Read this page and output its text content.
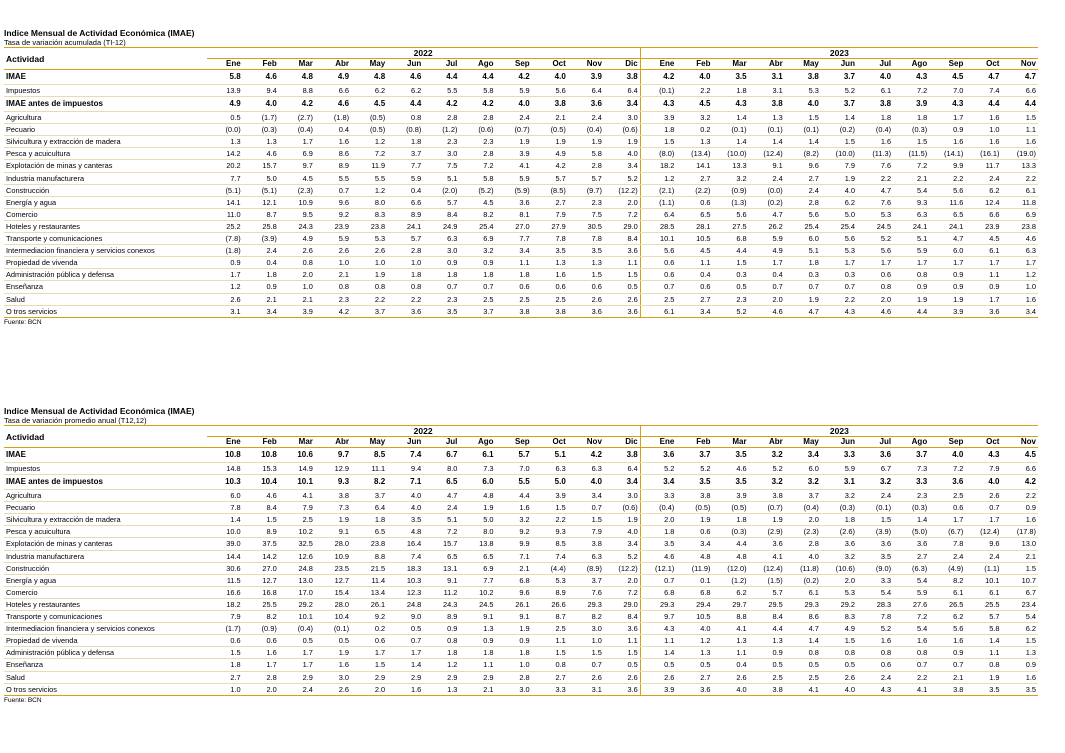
Indice Mensual de Actividad Económica (IMAE)
Tasa de variación acumulada (TI-12)
Actividad	2022												2023										
	Ene	Feb	Mar	Abr	May	Jun	Jul	Ago	Sep	Oct	Nov	Dic	Ene	Feb	Mar	Abr	May	Jun	Jul	Ago	Sep	Oct	Nov
IMAE	5.8	4.6	4.8	4.9	4.8	4.6	4.4	4.4	4.2	4.0	3.9	3.8	4.2	4.0	3.5	3.1	3.8	3.7	4.0	4.3	4.5	4.7	4.7
Impuestos	13.9	9.4	8.8	6.6	6.2	6.2	5.5	5.8	5.9	5.6	6.4	6.4	(0.1)	2.2	1.8	3.1	5.3	5.2	6.1	7.2	7.0	7.4	6.6
IMAE antes de impuestos	4.9	4.0	4.2	4.6	4.5	4.4	4.2	4.2	4.0	3.8	3.6	3.4	4.3	4.5	4.3	3.8	4.0	3.7	3.8	3.9	4.3	4.4	4.4
Agricultura	0.5	(1.7)	(2.7)	(1.8)	(0.5)	0.8	2.8	2.8	2.4	2.1	2.4	3.0	3.9	3.2	1.4	1.3	1.5	1.4	1.8	1.8	1.7	1.6	1.5
Pecuario	(0.0)	(0.3)	(0.4)	0.4	(0.5)	(0.8)	(1.2)	(0.6)	(0.7)	(0.5)	(0.4)	(0.6)	1.8	0.2	(0.1)	(0.1)	(0.1)	(0.2)	(0.4)	(0.3)	0.9	1.0	1.1
Silvicultura y extracción de madera	1.3	1.3	1.7	1.6	1.2	1.8	2.3	2.3	1.9	1.9	1.9	1.9	1.5	1.3	1.4	1.4	1.4	1.5	1.6	1.5	1.6	1.6	1.6
Pesca y acuicultura	14.2	4.6	6.9	8.6	7.2	3.7	3.0	2.8	3.9	4.9	5.8	4.0	(8.0)	(13.4)	(10.0)	(12.4)	(8.2)	(10.0)	(11.3)	(11.5)	(14.1)	(16.1)	(19.0)
Explotación de minas y canteras	20.2	15.7	9.7	8.9	11.9	7.7	7.5	7.2	4.1	4.2	2.8	3.4	18.2	14.1	13.3	9.1	9.6	7.9	7.6	7.2	9.9	11.7	13.3
Industria manufacturera	7.7	5.0	4.5	5.5	5.5	5.9	5.1	5.8	5.9	5.7	5.7	5.2	1.2	2.7	3.2	2.4	2.7	1.9	2.2	2.1	2.2	2.4	2.2
Construcción	(5.1)	(5.1)	(2.3)	0.7	1.2	0.4	(2.0)	(5.2)	(5.9)	(8.5)	(9.7)	(12.2)	(2.1)	(2.2)	(0.9)	(0.0)	2.4	4.0	4.7	5.4	5.6	6.2	6.1
Energía y agua	14.1	12.1	10.9	9.6	8.0	6.6	5.7	4.5	3.6	2.7	2.3	2.0	(1.1)	0.6	(1.3)	(0.2)	2.8	6.2	7.6	9.3	11.6	12.4	11.8
Comercio	11.0	8.7	9.5	9.2	8.3	8.9	8.4	8.2	8.1	7.9	7.5	7.2	6.4	6.5	5.6	4.7	5.6	5.0	5.3	6.3	6.5	6.6	6.9
Hoteles y restaurantes	25.2	25.8	24.3	23.9	23.8	24.1	24.9	25.4	27.0	27.9	30.5	29.0	28.5	28.1	27.5	26.2	25.4	25.4	24.5	24.1	24.1	23.9	23.8
Transporte y comunicaciones	(7.8)	(3.9)	4.9	5.9	5.3	5.7	6.3	6.9	7.7	7.8	7.8	8.4	10.1	10.5	6.8	5.9	6.0	5.6	5.2	5.1	4.7	4.5	4.6
Intermediacion financiera y servicios conexos	(1.8)	2.4	2.6	2.6	2.6	2.8	3.0	3.2	3.4	3.5	3.5	3.6	5.6	4.5	4.4	4.9	5.1	5.3	5.6	5.9	6.0	6.1	6.3
Propiedad de vivenda	0.9	0.4	0.8	1.0	1.0	1.0	0.9	0.9	1.1	1.3	1.3	1.1	0.6	1.1	1.5	1.7	1.8	1.7	1.7	1.7	1.7	1.7	1.7
Administración pública y defensa	1.7	1.8	2.0	2.1	1.9	1.8	1.8	1.8	1.8	1.6	1.5	1.5	0.6	0.4	0.3	0.4	0.3	0.3	0.6	0.8	0.9	1.1	1.2
Enseñanza	1.2	0.9	1.0	0.8	0.8	0.8	0.7	0.7	0.6	0.6	0.6	0.5	0.7	0.6	0.5	0.7	0.7	0.7	0.8	0.9	0.9	0.9	1.0
Salud	2.6	2.1	2.1	2.3	2.2	2.2	2.3	2.5	2.5	2.5	2.6	2.6	2.5	2.7	2.3	2.0	1.9	2.2	2.0	1.9	1.9	1.7	1.6
O tros servicios	3.1	3.4	3.9	4.2	3.7	3.6	3.5	3.7	3.8	3.8	3.6	3.6	6.1	3.4	5.2	4.6	4.7	4.3	4.6	4.4	3.9	3.6	3.4
Fuente: BCN
Indice Mensual de Actividad Económica (IMAE)
Tasa de variación promedio anual (T12,12)
Actividad	2022												2023										
	Ene	Feb	Mar	Abr	May	Jun	Jul	Ago	Sep	Oct	Nov	Dic	Ene	Feb	Mar	Abr	May	Jun	Jul	Ago	Sep	Oct	Nov
IMAE	10.8	10.8	10.6	9.7	8.5	7.4	6.7	6.1	5.7	5.1	4.2	3.8	3.6	3.7	3.5	3.2	3.4	3.3	3.6	3.7	4.0	4.3	4.5
Impuestos	14.8	15.3	14.9	12.9	11.1	9.4	8.0	7.3	7.0	6.3	6.3	6.4	5.2	5.2	4.6	5.2	6.0	5.9	6.7	7.3	7.2	7.9	6.6
IMAE antes de impuestos	10.3	10.4	10.1	9.3	8.2	7.1	6.5	6.0	5.5	5.0	4.0	3.4	3.4	3.5	3.5	3.2	3.2	3.1	3.2	3.3	3.6	4.0	4.2
Agricultura	6.0	4.6	4.1	3.8	3.7	4.0	4.7	4.8	4.4	3.9	3.4	3.0	3.3	3.8	3.9	3.8	3.7	3.2	2.4	2.3	2.5	2.6	2.2
Pecuario	7.8	8.4	7.9	7.3	6.4	4.0	2.4	1.9	1.6	1.5	0.7	(0.6)	(0.4)	(0.5)	(0.5)	(0.7)	(0.4)	(0.3)	(0.1)	(0.3)	0.6	0.7	0.9
Silvicultura y extracción de madera	1.4	1.5	2.5	1.9	1.8	3.5	5.1	5.0	3.2	2.2	1.5	1.9	2.0	1.9	1.8	1.9	2.0	1.8	1.5	1.4	1.7	1.7	1.6
Pesca y acuicultura	10.0	8.9	10.2	9.1	6.5	4.8	7.2	8.0	9.2	9.3	7.9	4.0	1.8	0.6	(0.3)	(2.9)	(2.3)	(2.6)	(3.9)	(5.0)	(6.7)	(12.4)	(17.8)
Explotación de minas y canteras	39.0	37.5	32.5	28.0	23.8	16.4	15.7	13.8	9.9	8.5	3.8	3.4	3.5	3.4	4.4	3.6	2.8	3.6	3.6	3.6	7.8	9.6	13.0
Industria manufacturera	14.4	14.2	12.6	10.9	8.8	7.4	6.5	6.5	7.1	7.4	6.3	5.2	4.6	4.8	4.8	4.1	4.0	3.2	3.5	2.7	2.4	2.4	2.1
Construcción	30.6	27.0	24.8	23.5	21.5	18.3	13.1	6.9	2.1	(4.4)	(8.9)	(12.2)	(12.1)	(11.9)	(12.0)	(12.4)	(11.8)	(10.6)	(9.0)	(6.3)	(4.9)	(1.1)	1.5
Energía y agua	11.5	12.7	13.0	12.7	11.4	10.3	9.1	7.7	6.8	5.3	3.7	2.0	0.7	0.1	(1.2)	(1.5)	(0.2)	2.0	3.3	5.4	8.2	10.1	10.7
Comercio	16.6	16.8	17.0	15.4	13.4	12.3	11.2	10.2	9.6	8.9	7.6	7.2	6.8	6.8	6.2	5.7	6.1	5.3	5.4	5.9	6.1	6.1	6.7
Hoteles y restaurantes	18.2	25.5	29.2	28.0	26.1	24.8	24.3	24.5	26.1	26.6	29.3	29.0	29.3	29.4	29.7	29.5	29.3	29.2	28.3	27.6	26.5	25.5	23.4
Transporte y comunicaciones	7.9	8.2	10.1	10.4	9.2	9.0	8.9	9.1	9.1	8.7	8.2	8.4	9.7	10.5	8.8	8.4	8.6	8.3	7.8	7.2	6.2	5.7	5.4
Intermediacion financiera y servicios conexos	(1.7)	(0.9)	(0.4)	(0.1)	0.2	0.5	0.9	1.3	1.9	2.5	3.0	3.6	4.3	4.0	4.1	4.4	4.7	4.9	5.2	5.4	5.6	5.8	6.2
Propiedad de vivenda	0.6	0.6	0.5	0.5	0.6	0.7	0.8	0.9	0.9	1.1	1.0	1.1	1.1	1.2	1.3	1.3	1.4	1.5	1.6	1.6	1.6	1.4	1.5
Administración pública y defensa	1.5	1.6	1.7	1.9	1.7	1.7	1.8	1.8	1.8	1.5	1.5	1.5	1.4	1.3	1.1	0.9	0.8	0.8	0.8	0.8	0.9	1.1	1.3
Enseñanza	1.8	1.7	1.7	1.6	1.5	1.4	1.2	1.1	1.0	0.8	0.7	0.5	0.5	0.5	0.4	0.5	0.5	0.5	0.6	0.7	0.7	0.8	0.9
Salud	2.7	2.8	2.9	3.0	2.9	2.9	2.9	2.9	2.8	2.7	2.6	2.6	2.6	2.7	2.6	2.5	2.5	2.6	2.4	2.2	2.1	1.9	1.6
O tros servicios	1.0	2.0	2.4	2.6	2.0	1.6	1.3	2.1	3.0	3.3	3.1	3.6	3.9	3.6	4.0	3.8	4.1	4.0	4.3	4.1	3.8	3.5	3.5
Fuente: BCN
